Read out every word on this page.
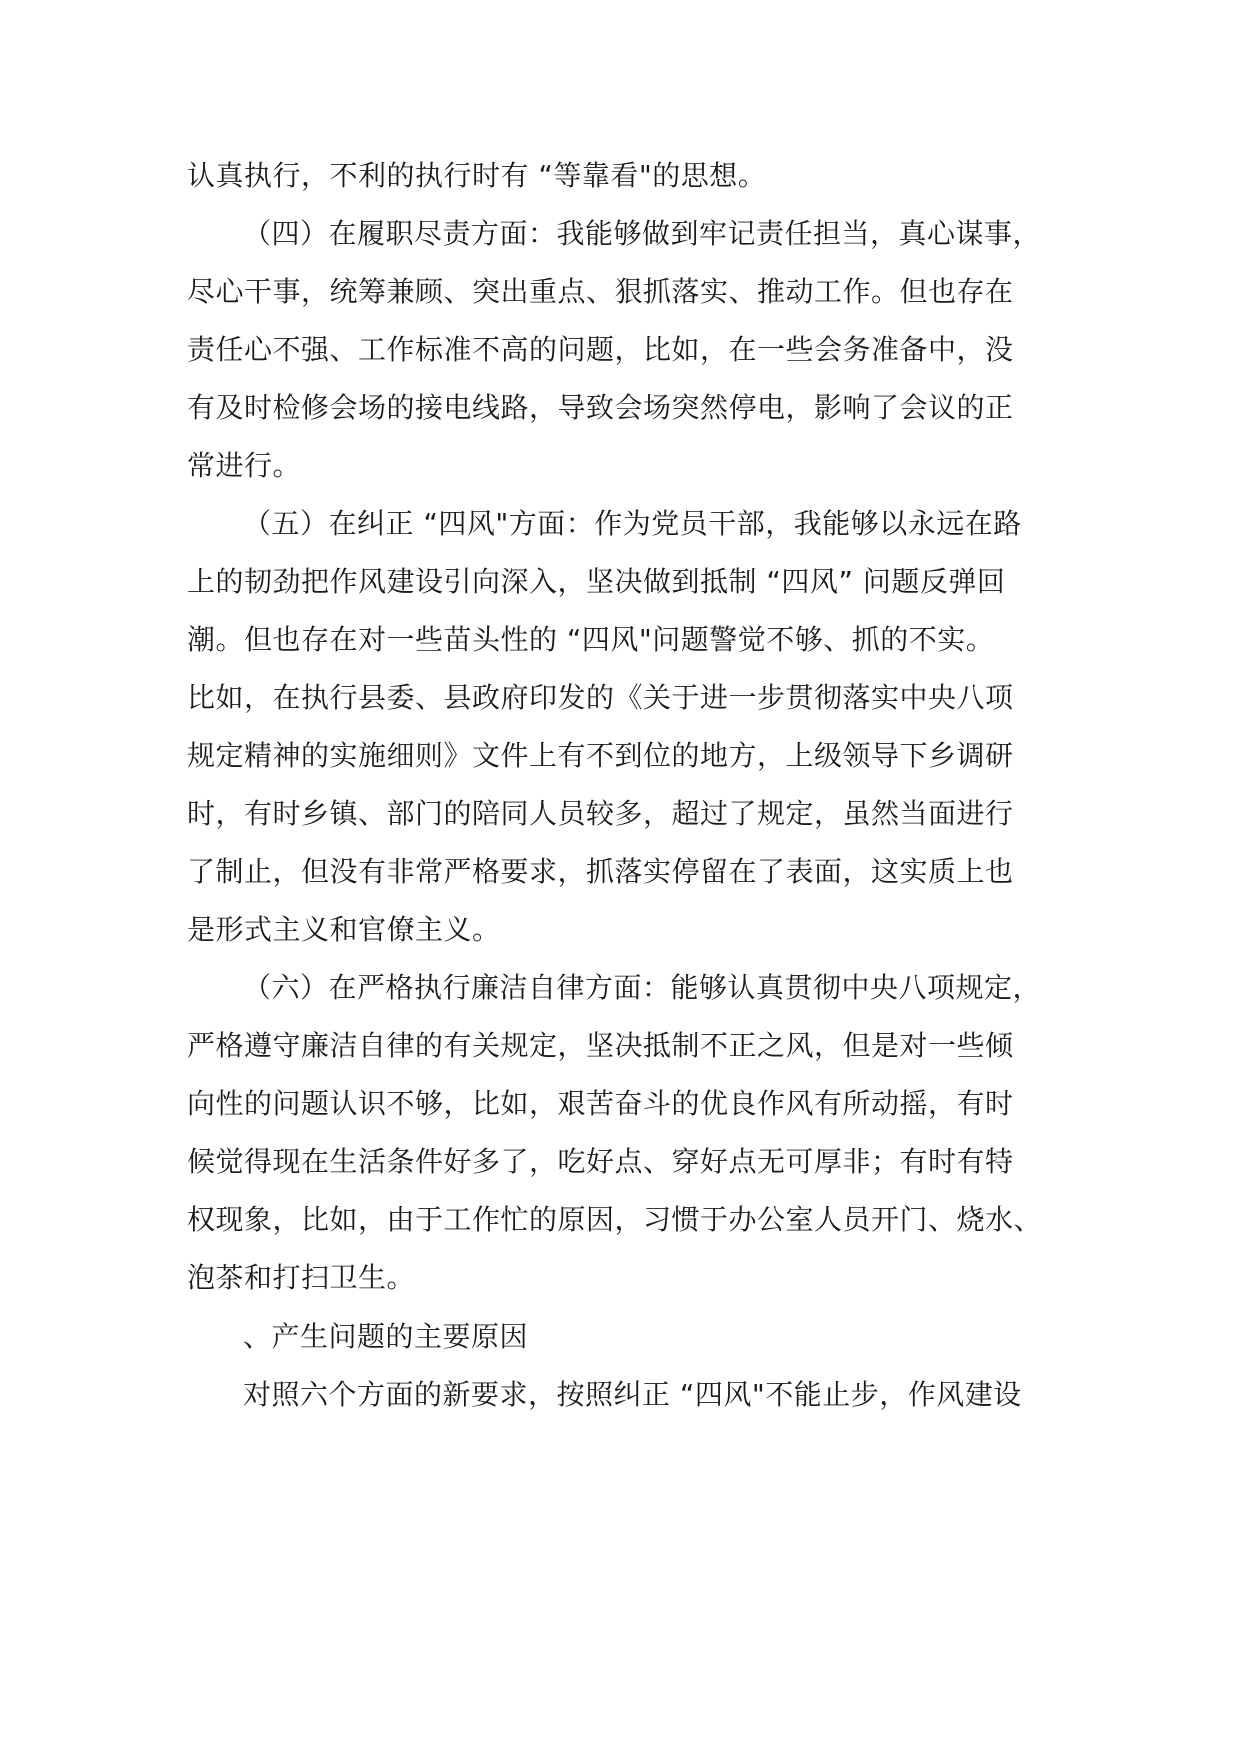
认真执行，不利的执行时有 “等靠看"的思想。
（四）在履职尽责方面：我能够做到牢记责任担当，真心谋事，
尽心干事，统筹兼顾、突出重点、狠抓落实、推动工作。但也存在
责任心不强、工作标准不高的问题，比如，在一些会务准备中，没
有及时检修会场的接电线路，导致会场突然停电，影响了会议的正
常进行。
（五）在纠正 “四风"方面：作为党员干部，我能够以永远在路
上的韧劲把作风建设引向深入，坚决做到抵制 “四风” 问题反弹回
潮。但也存在对一些苗头性的 “四风"问题警觉不够、抓的不实。
比如，在执行县委、县政府印发的《关于进一步贯彻落实中央八项
规定精神的实施细则》文件上有不到位的地方，上级领导下乡调研
时，有时乡镇、部门的陪同人员较多，超过了规定，虽然当面进行
了制止，但没有非常严格要求，抓落实停留在了表面，这实质上也
是形式主义和官僚主义。
（六）在严格执行廉洁自律方面：能够认真贯彻中央八项规定，
严格遵守廉洁自律的有关规定，坚决抵制不正之风，但是对一些倾
向性的问题认识不够，比如，艰苦奋斗的优良作风有所动摇，有时
候觉得现在生活条件好多了，吃好点、穿好点无可厚非；有时有特
权现象，比如，由于工作忙的原因，习惯于办公室人员开门、烧水、
泡茶和打扫卫生。
、产生问题的主要原因
对照六个方面的新要求，按照纠正 “四风"不能止步，作风建设
